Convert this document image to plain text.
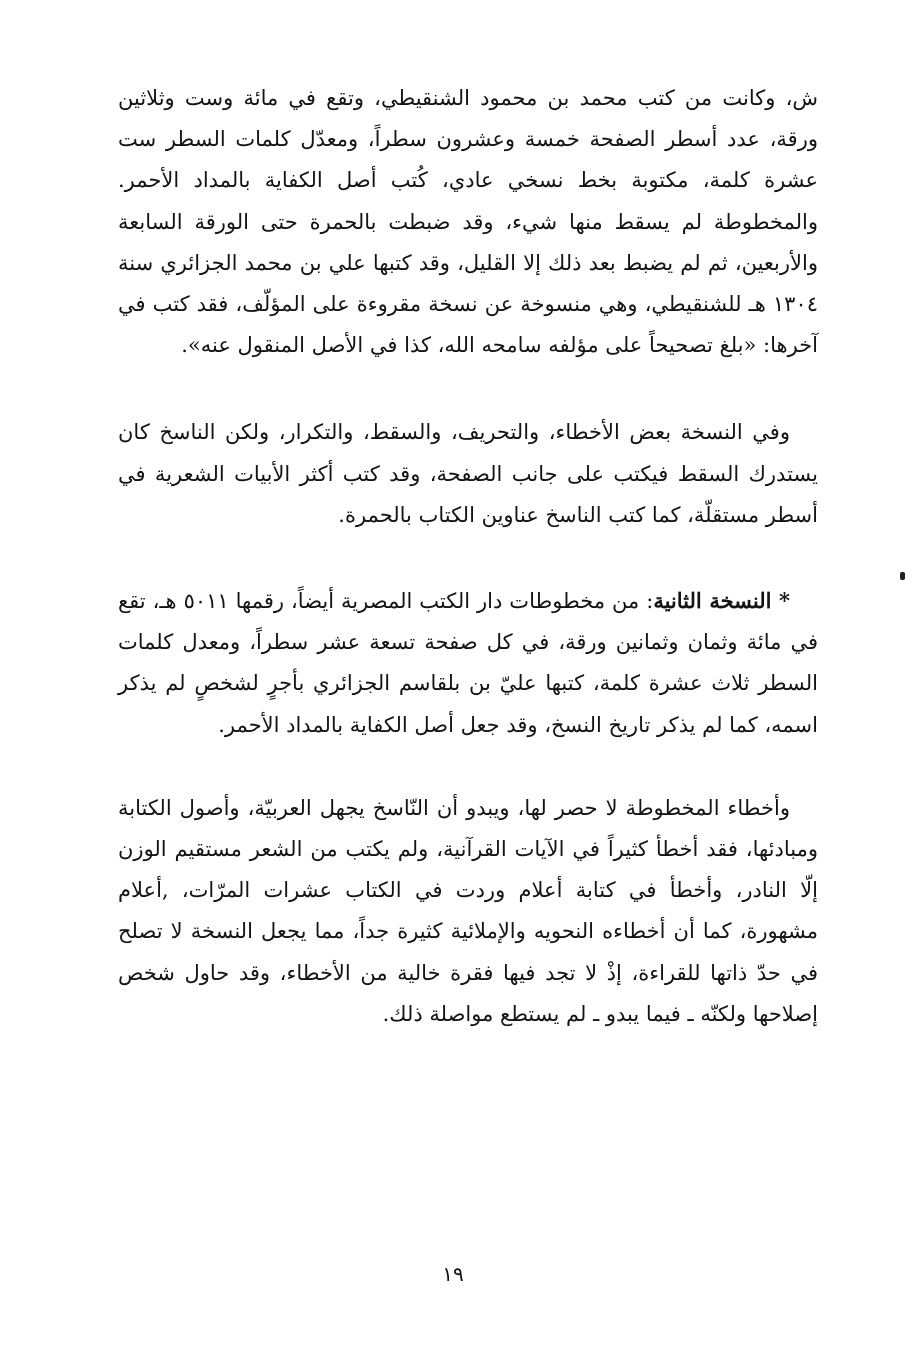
ش، وكانت من كتب محمد بن محمود الشنقيطي، وتقع في مائة وست وثلاثين ورقة، عدد أسطر الصفحة خمسة وعشرون سطراً، ومعدّل كلمات السطر ست عشرة كلمة، مكتوبة بخط نسخي عادي، كُتب أصل الكفاية بالمداد الأحمر. والمخطوطة لم يسقط منها شيء، وقد ضبطت بالحمرة حتى الورقة السابعة والأربعين، ثم لم يضبط بعد ذلك إلا القليل، وقد كتبها علي بن محمد الجزائري سنة ١٣٠٤ هـ للشنقيطي، وهي منسوخة عن نسخة مقروءة على المؤلّف، فقد كتب في آخرها: «بلغ تصحيحاً على مؤلفه سامحه الله، كذا في الأصل المنقول عنه».

وفي النسخة بعض الأخطاء، والتحريف، والسقط، والتكرار، ولكن الناسخ كان يستدرك السقط فيكتب على جانب الصفحة، وقد كتب أكثر الأبيات الشعرية في أسطر مستقلّة، كما كتب الناسخ عناوين الكتاب بالحمرة.

* النسخة الثانية: من مخطوطات دار الكتب المصرية أيضاً، رقمها ٥٠١١ هـ، تقع في مائة وثمان وثمانين ورقة، في كل صفحة تسعة عشر سطراً، ومعدل كلمات السطر ثلاث عشرة كلمة، كتبها عليّ بن بلقاسم الجزائري بأجرٍ لشخصٍ لم يذكر اسمه، كما لم يذكر تاريخ النسخ، وقد جعل أصل الكفاية بالمداد الأحمر.

وأخطاء المخطوطة لا حصر لها، ويبدو أن النّاسخ يجهل العربيّة، وأصول الكتابة ومبادئها، فقد أخطأ كثيراً في الآيات القرآنية، ولم يكتب من الشعر مستقيم الوزن إلّا النادر، وأخطأ في كتابة أعلام وردت في الكتاب عشرات المرّات، ,أعلام مشهورة، كما أن أخطاءه النحويه والإملائية كثيرة جداً، مما يجعل النسخة لا تصلح في حدّ ذاتها للقراءة، إذْ لا تجد فيها فقرة خالية من الأخطاء، وقد حاول شخص إصلاحها ولكنّه ـ فيما يبدو ـ لم يستطع مواصلة ذلك.

١٩
